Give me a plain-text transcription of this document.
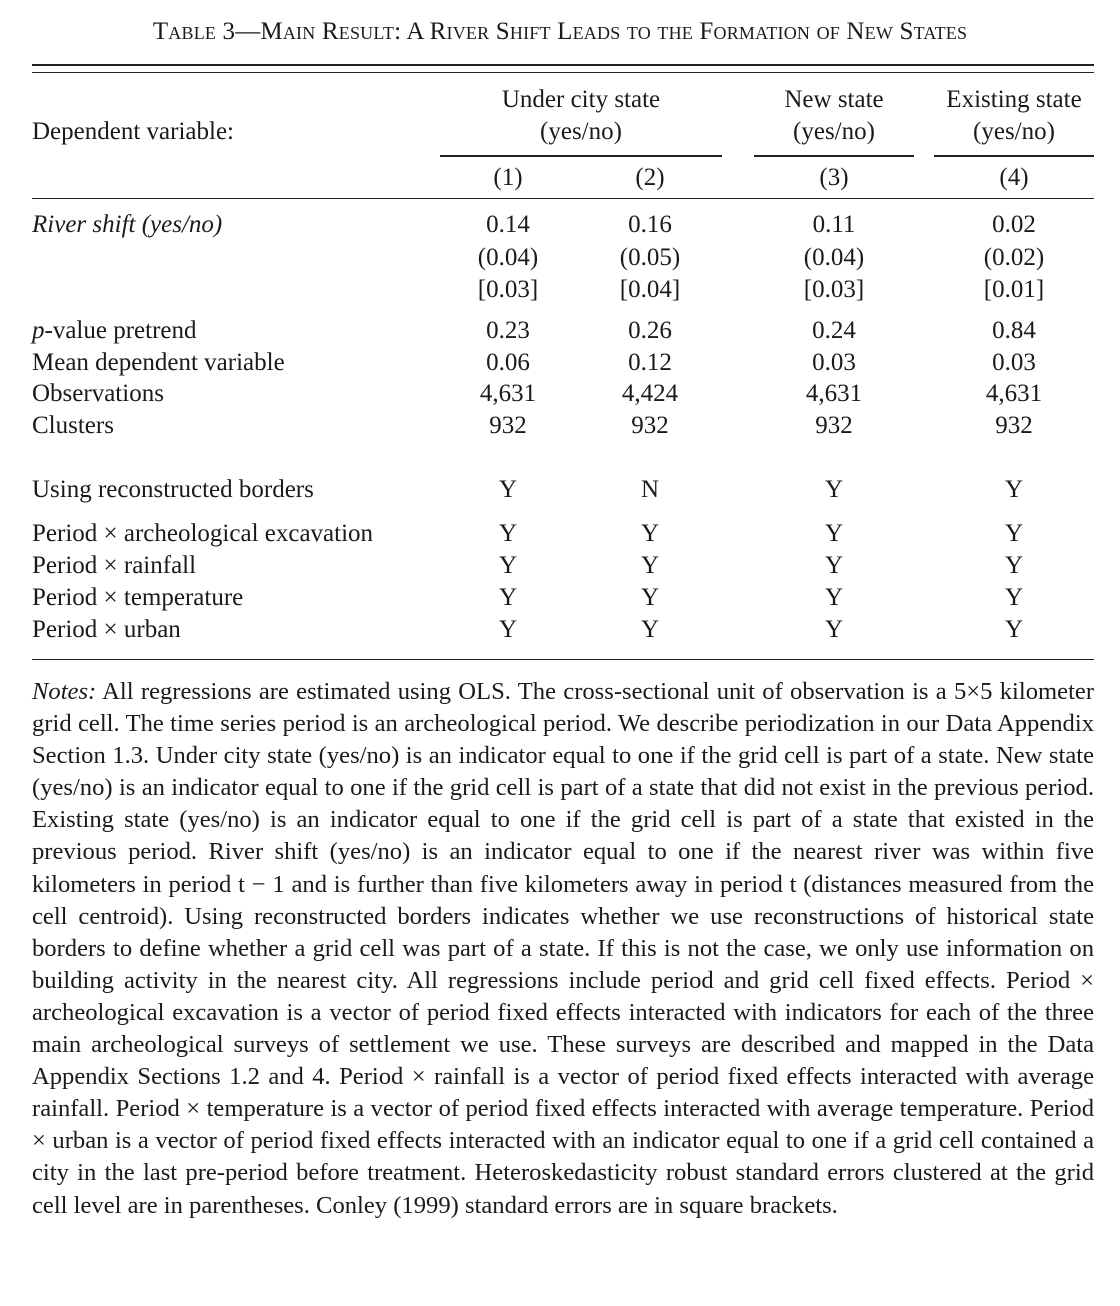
Table 3—Main Result: A River Shift Leads to the Formation of New States
Dependent variable:
Under city state
(yes/no)
New state
(yes/no)
Existing state
(yes/no)
(1)	(2)	(3)	(4)
River shift (yes/no)	0.14	0.16	0.11	0.02
(0.04)	(0.05)	(0.04)	(0.02)
[0.03]	[0.04]	[0.03]	[0.01]
p-value pretrend	0.23	0.26	0.24	0.84
Mean dependent variable	0.06	0.12	0.03	0.03
Observations	4,631	4,424	4,631	4,631
Clusters	932	932	932	932
Using reconstructed borders	Y	N	Y	Y
Period × archeological excavation	Y	Y	Y	Y
Period × rainfall	Y	Y	Y	Y
Period × temperature	Y	Y	Y	Y
Period × urban	Y	Y	Y	Y
Notes: All regressions are estimated using OLS. The cross-sectional unit of observation is a 5×5 kilometer grid cell. The time series period is an archeological period. We describe periodization in our Data Appendix Section 1.3. Under city state (yes/no) is an indicator equal to one if the grid cell is part of a state. New state (yes/no) is an indicator equal to one if the grid cell is part of a state that did not exist in the previous period. Existing state (yes/no) is an indicator equal to one if the grid cell is part of a state that existed in the previous period. River shift (yes/no) is an indicator equal to one if the nearest river was within five kilometers in period t − 1 and is further than five kilometers away in period t (distances measured from the cell centroid). Using reconstructed borders indicates whether we use reconstructions of historical state borders to define whether a grid cell was part of a state. If this is not the case, we only use information on building activity in the nearest city. All regressions include period and grid cell fixed effects. Period × archeological excavation is a vector of period fixed effects interacted with indicators for each of the three main archeological surveys of settlement we use. These surveys are described and mapped in the Data Appendix Sections 1.2 and 4. Period × rainfall is a vector of period fixed effects interacted with average rainfall. Period × temperature is a vector of period fixed effects interacted with average temperature. Period × urban is a vector of period fixed effects interacted with an indicator equal to one if a grid cell contained a city in the last pre-period before treatment. Heteroskedasticity robust standard errors clustered at the grid cell level are in parentheses. Conley (1999) standard errors are in square brackets.
